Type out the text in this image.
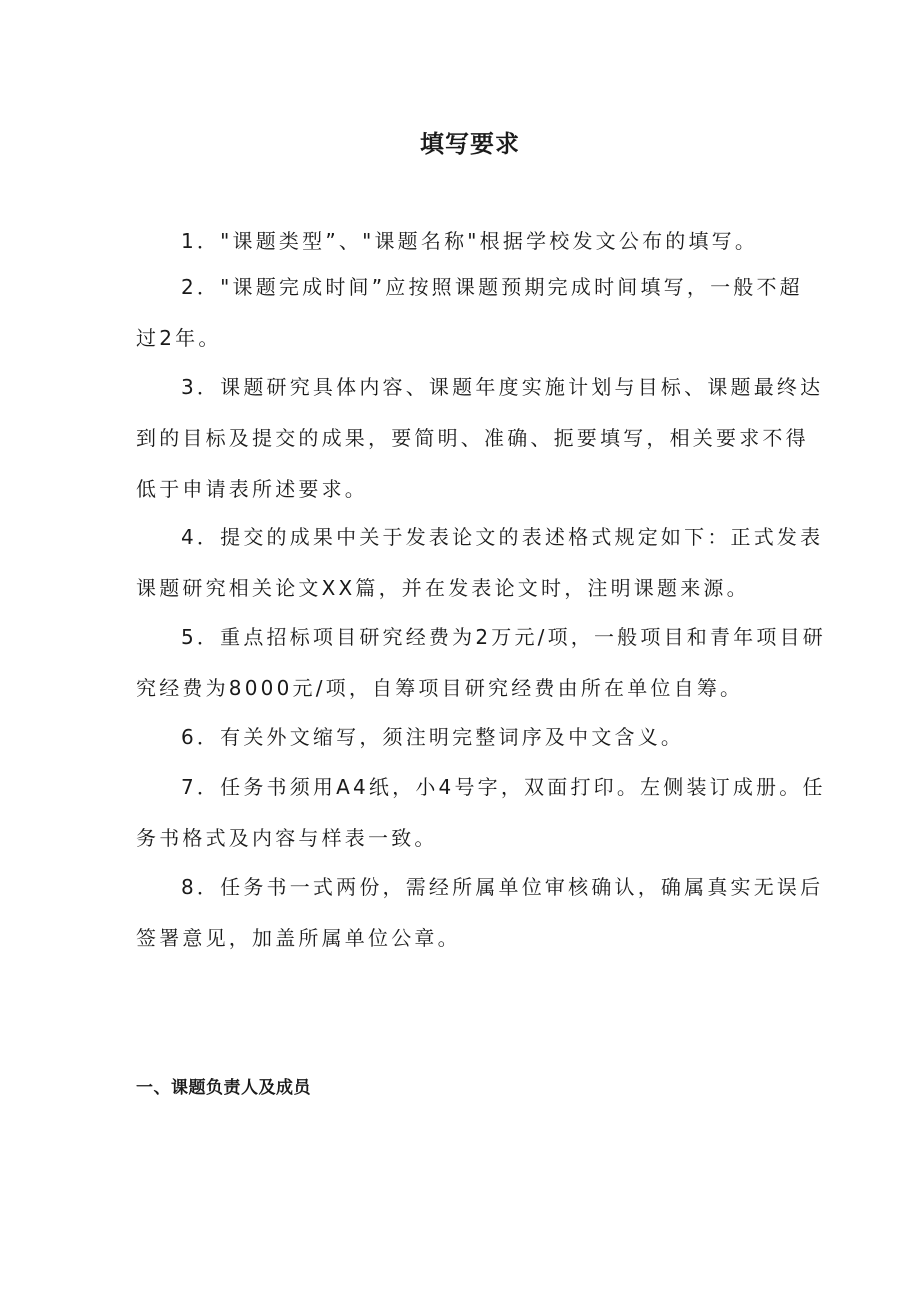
填写要求

1．"课题类型”、"课题名称"根据学校发文公布的填写。

2．"课题完成时间”应按照课题预期完成时间填写，一般不超过2年。

3．课题研究具体内容、课题年度实施计划与目标、课题最终达到的目标及提交的成果，要简明、准确、扼要填写，相关要求不得低于申请表所述要求。

4．提交的成果中关于发表论文的表述格式规定如下：正式发表课题研究相关论文XX篇，并在发表论文时，注明课题来源。

5．重点招标项目研究经费为2万元/项，一般项目和青年项目研究经费为8000元/项，自筹项目研究经费由所在单位自筹。

6．有关外文缩写，须注明完整词序及中文含义。

7．任务书须用A4纸，小4号字，双面打印。左侧装订成册。任务书格式及内容与样表一致。

8．任务书一式两份，需经所属单位审核确认，确属真实无误后签署意见，加盖所属单位公章。

一、课题负责人及成员
